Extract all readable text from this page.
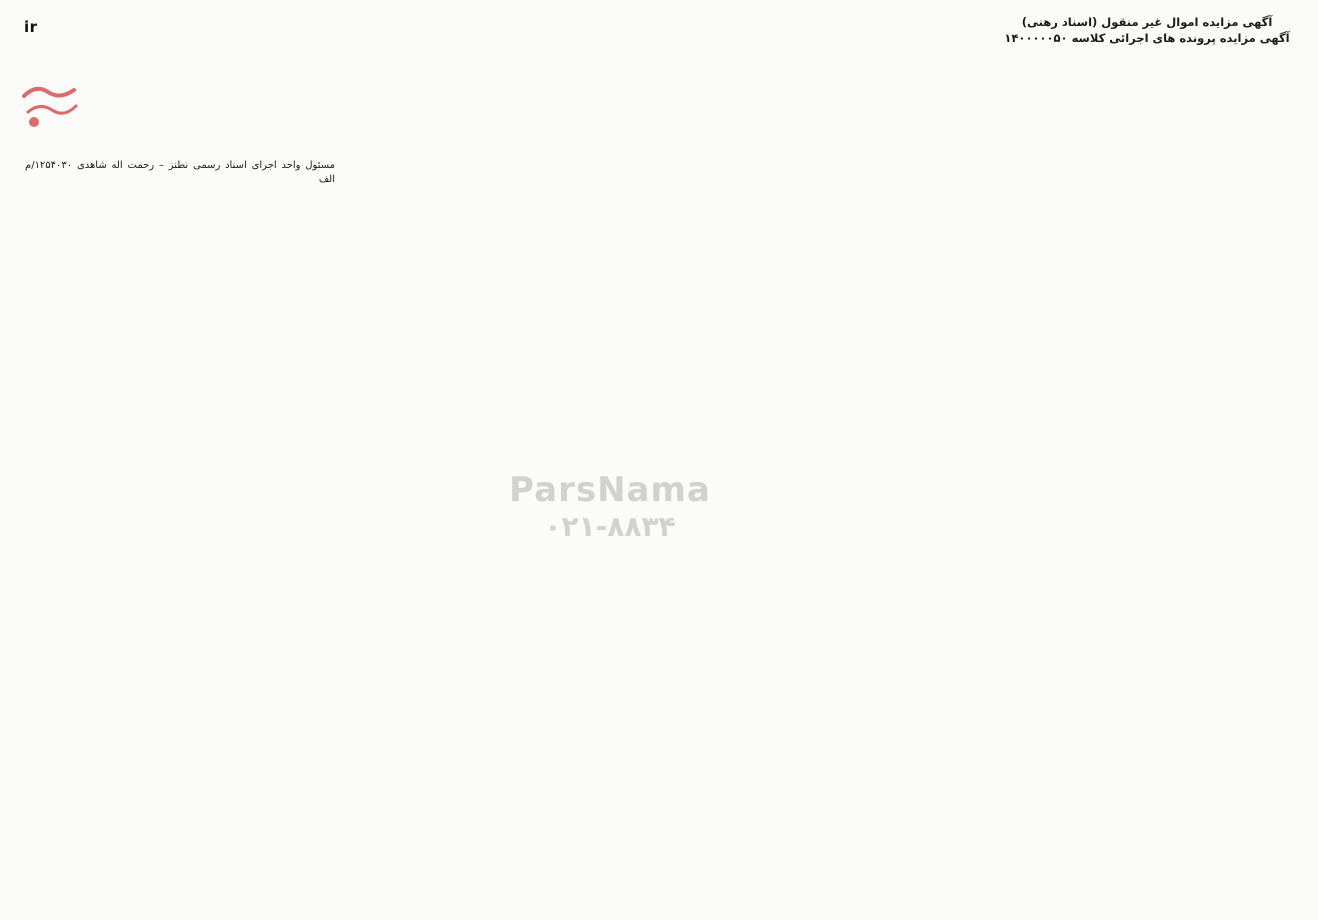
ir	آگهی مزایده اموال غیر منقول (اسناد رهنی)
آگهی مزایده پرونده های اجرائی کلاسه ۱۴۰۰۰۰۰۵۰
مسئول واحد اجرای اسناد رسمی نطنز – رحمت اله شاهدی ۱۲۵۴۰۳۰/م الف
ParsNama
۰۲۱-۸۸۳۴
